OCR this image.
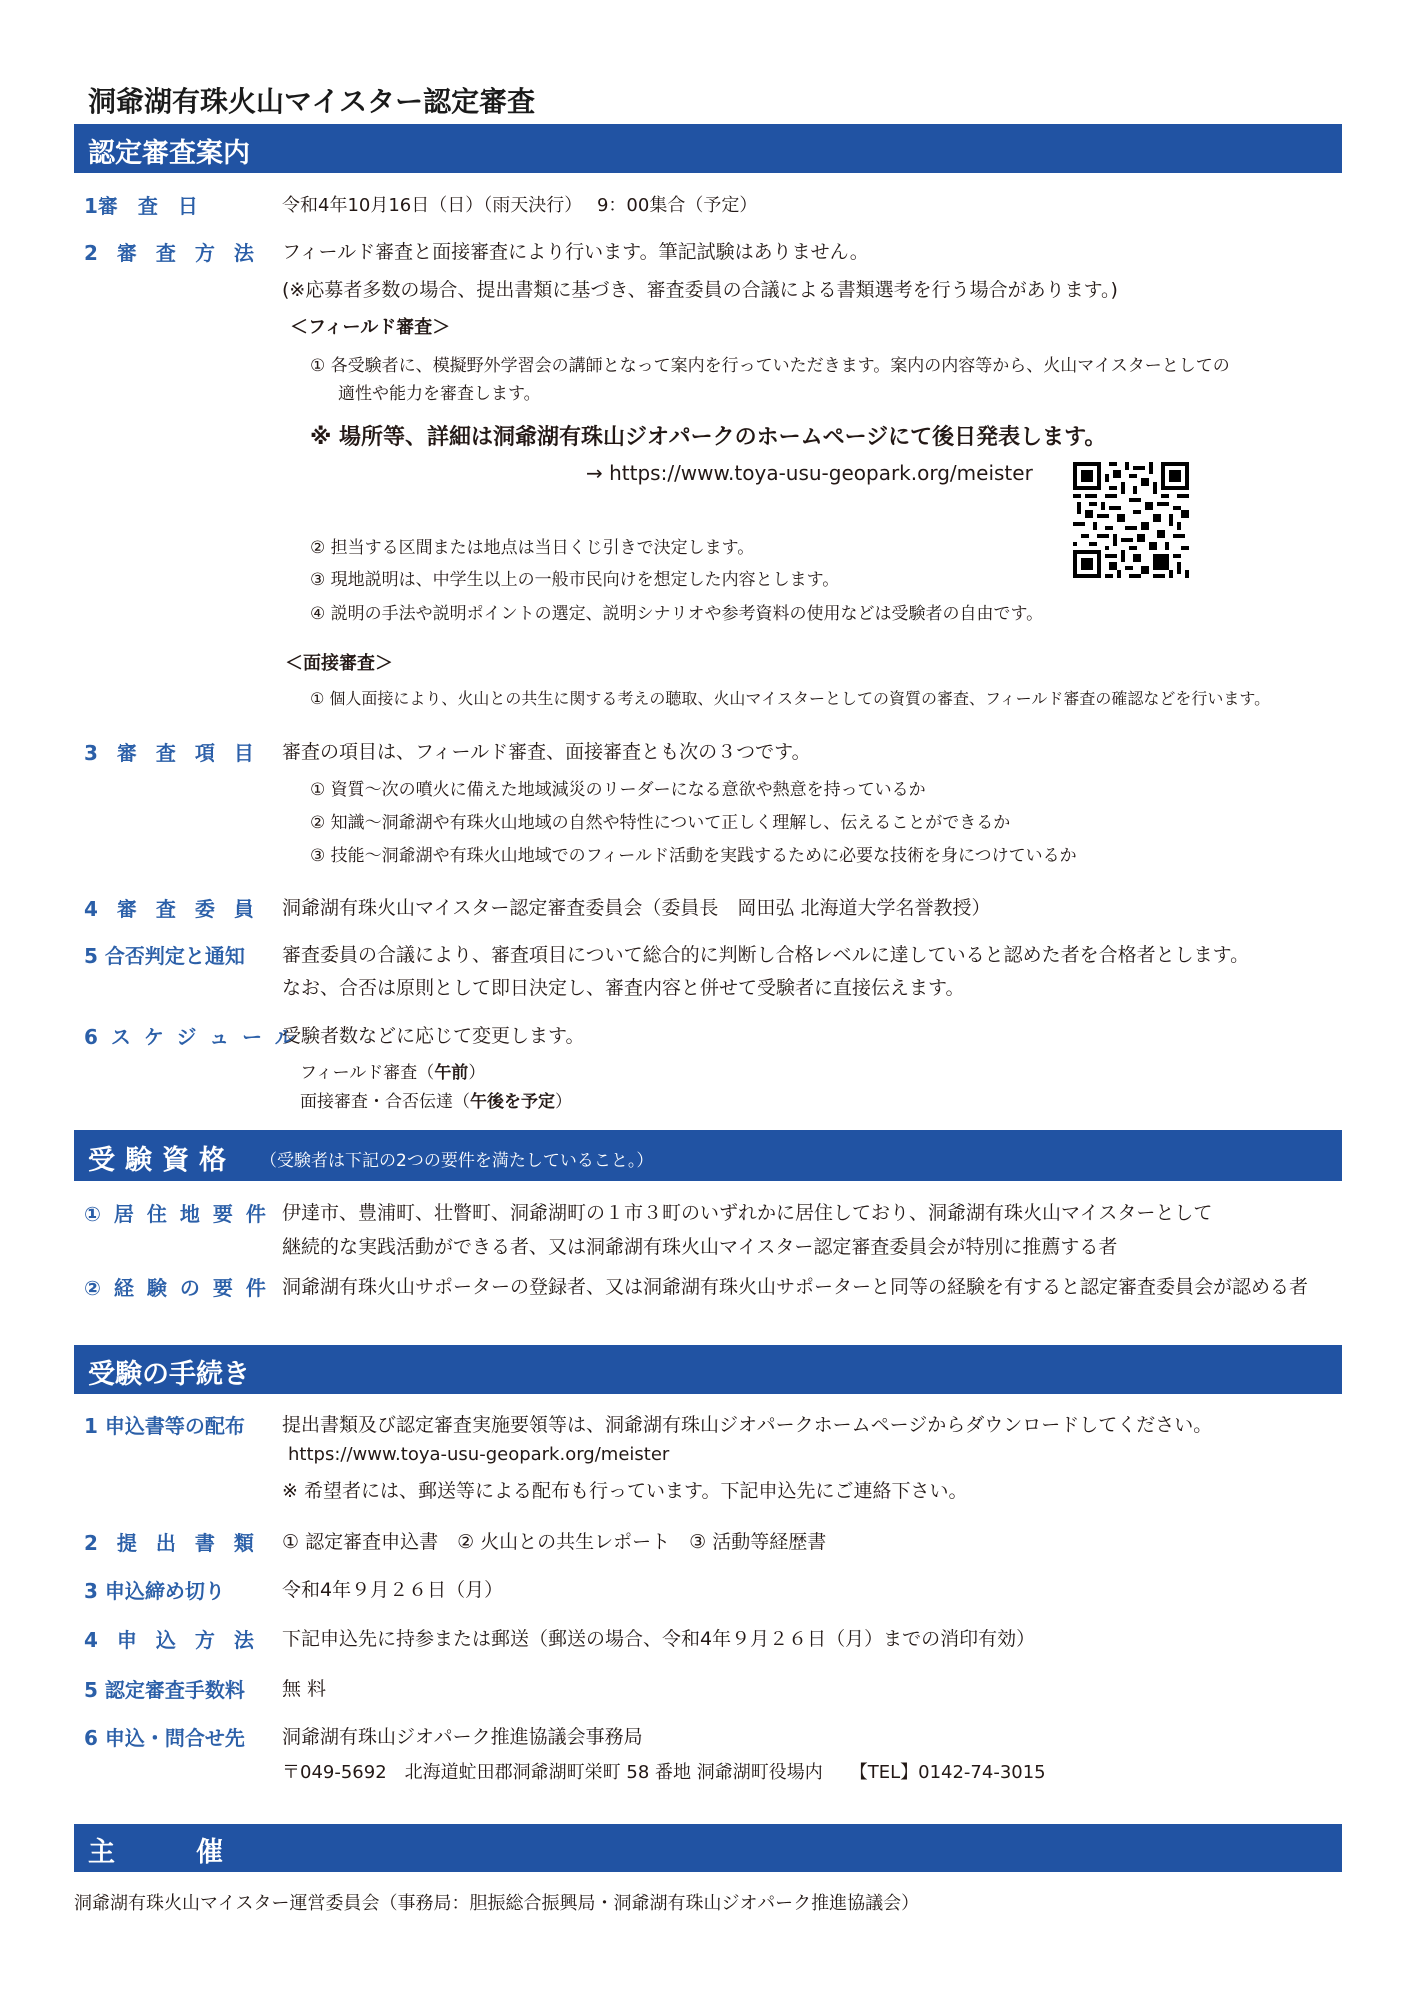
洞爺湖有珠火山マイスター認定審査
認定審査案内
1審　査　日	令和4年10月16日（日）（雨天決行）　 9：00集合（予定）
2審査方法 フィールド審査と面接審査により行います。筆記試験はありません。
(※応募者多数の場合、提出書類に基づき、審査委員の合議による書類選考を行う場合があります。)
＜フィールド審査＞
① 各受験者に、模擬野外学習会の講師となって案内を行っていただきます。案内の内容等から、火山マイスターとしての
適性や能力を審査します。
※ 場所等、詳細は洞爺湖有珠山ジオパークのホームページにて後日発表します。
→ https://www.toya-usu-geopark.org/meister
② 担当する区間または地点は当日くじ引きで決定します。
③ 現地説明は、中学生以上の一般市民向けを想定した内容とします。
④ 説明の手法や説明ポイントの選定、説明シナリオや参考資料の使用などは受験者の自由です。
＜面接審査＞
① 個人面接により、火山との共生に関する考えの聴取、火山マイスターとしての資質の審査、フィールド審査の確認などを行います。
3審査項目 審査の項目は、フィールド審査、面接審査とも次の３つです。
① 資質～次の噴火に備えた地域減災のリーダーになる意欲や熱意を持っているか
② 知識～洞爺湖や有珠火山地域の自然や特性について正しく理解し、伝えることができるか
③ 技能～洞爺湖や有珠火山地域でのフィールド活動を実践するために必要な技術を身につけているか
4審査委員 洞爺湖有珠火山マイスター認定審査委員会（委員長　岡田弘 北海道大学名誉教授）
5 合否判定と通知 審査委員の合議により、審査項目について総合的に判断し合格レベルに達していると認めた者を合格者とします。
なお、合否は原則として即日決定し、審査内容と併せて受験者に直接伝えます。
6スケジュール
受験者数などに応じて変更します。
フィールド審査（午前）
面接審査・合否伝達（午後を予定）
受験資格 （受験者は下記の2つの要件を満たしていること。）
①居住地要件 伊達市、豊浦町、壮瞥町、洞爺湖町の１市３町のいずれかに居住しており、洞爺湖有珠火山マイスターとして
継続的な実践活動ができる者、又は洞爺湖有珠火山マイスター認定審査委員会が特別に推薦する者
②経験の要件 洞爺湖有珠火山サポーターの登録者、又は洞爺湖有珠火山サポーターと同等の経験を有すると認定審査委員会が認める者
受験の手続き
1 申込書等の配布 提出書類及び認定審査実施要領等は、洞爺湖有珠山ジオパークホームページからダウンロードしてください。
https://www.toya-usu-geopark.org/meister
※ 希望者には、郵送等による配布も行っています。下記申込先にご連絡下さい。
2提出書類 ① 認定審査申込書　② 火山との共生レポート　③ 活動等経歴書
3 申込締め切り	令和4年９月２６日（月）
4申込方法 下記申込先に持参または郵送（郵送の場合、令和4年９月２６日（月）までの消印有効）
5 認定審査手数料 無 料
6 申込・問合せ先 洞爺湖有珠山ジオパーク推進協議会事務局
〒049-5692　北海道虻田郡洞爺湖町栄町 58 番地 洞爺湖町役場内　　【TEL】0142-74-3015
主　　　催
洞爺湖有珠火山マイスター運営委員会（事務局：胆振総合振興局・洞爺湖有珠山ジオパーク推進協議会）
